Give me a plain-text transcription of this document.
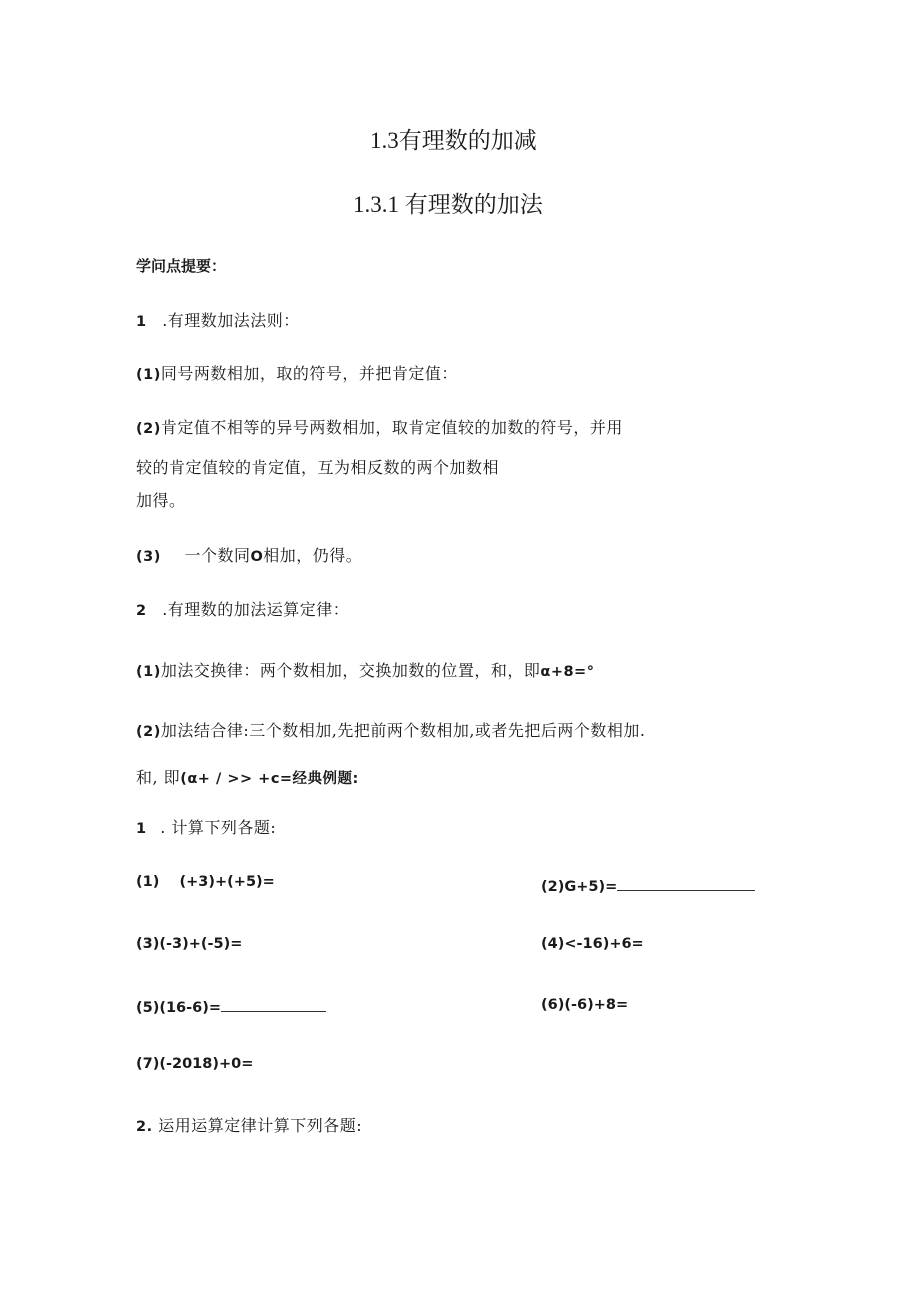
1.3有理数的加减
1.3.1 有理数的加法
学问点提要：
1 .有理数加法法则：
(1)同号两数相加，取的符号，并把肯定值：
(2)肯定值不相等的异号两数相加，取肯定值较的加数的符号，并用
较的肯定值较的肯定值，互为相反数的两个加数相
加得。
(3) 一个数同O相加，仍得。
2 .有理数的加法运算定律：
(1)加法交换律：两个数相加，交换加数的位置，和，即α+8=°
(2)加法结合律:三个数相加,先把前两个数相加,或者先把后两个数相加.
和, 即(α+ / >> +c=经典例题:
1 . 计算下列各题:
(1)    (+3)+(+5)=	(2)G+5)=
(3)(-3)+(-5)=	(4)<-16)+6=
(5)(16-6)=	(6)(-6)+8=
(7)(-2018)+0=
2. 运用运算定律计算下列各题:
